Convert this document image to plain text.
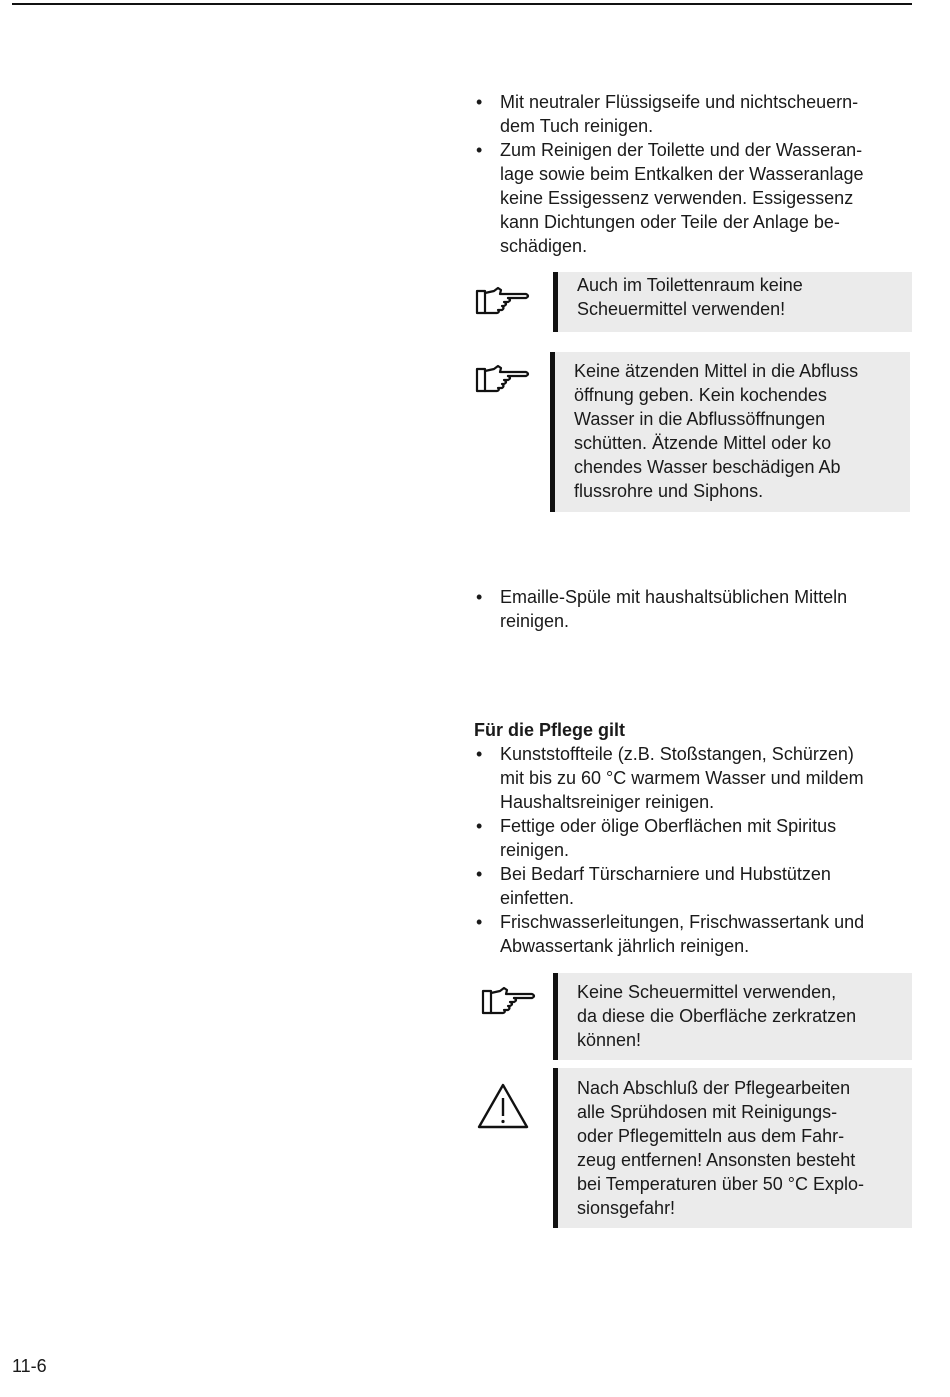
• Mit neutraler Flüssigseife und nichtscheuern-
dem Tuch reinigen.
• Zum Reinigen der Toilette und der Wasseran-
lage sowie beim Entkalken der Wasseranlage
keine Essigessenz verwenden. Essigessenz
kann Dichtungen oder Teile der Anlage be-
schädigen.
Auch im Toilettenraum keine
Scheuermittel verwenden!
Keine ätzenden Mittel in die Abfluss
öffnung geben. Kein kochendes
Wasser in die Abflussöffnungen
schütten. Ätzende Mittel oder ko
chendes Wasser beschädigen Ab
flussrohre und Siphons.
• Emaille-Spüle mit haushaltsüblichen Mitteln
reinigen.
Für die Pflege gilt
• Kunststoffteile (z.B. Stoßstangen, Schürzen)
mit bis zu 60 °C warmem Wasser und mildem
Haushaltsreiniger reinigen.
• Fettige oder ölige Oberflächen mit Spiritus
reinigen.
• Bei Bedarf Türscharniere und Hubstützen
einfetten.
• Frischwasserleitungen, Frischwassertank und
Abwassertank jährlich reinigen.
Keine Scheuermittel verwenden,
da diese die Oberfläche zerkratzen
können!
Nach Abschluß der Pflegearbeiten
alle Sprühdosen mit Reinigungs-
oder Pflegemitteln aus dem Fahr-
zeug entfernen! Ansonsten besteht
bei Temperaturen über 50 °C Explo-
sionsgefahr!
11-6
